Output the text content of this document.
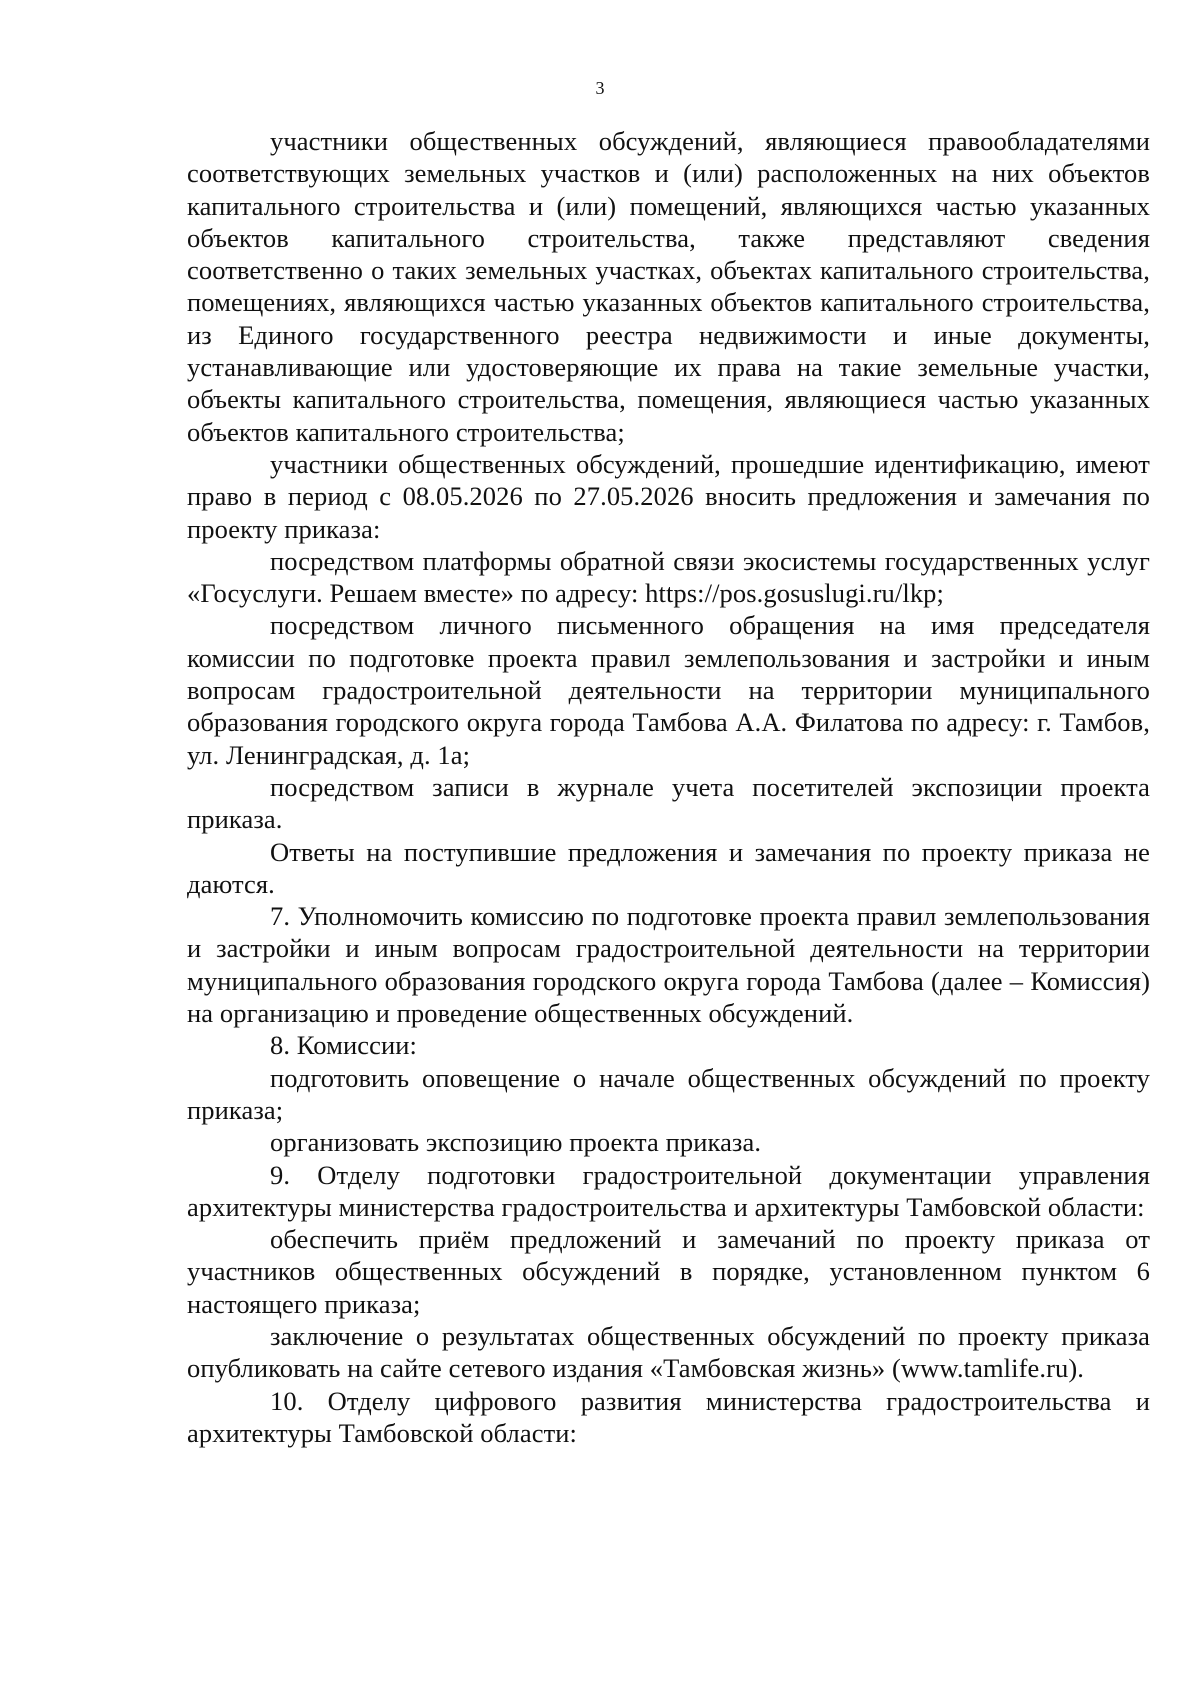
3

участники общественных обсуждений, являющиеся правообладателями соответствующих земельных участков и (или) расположенных на них объектов капитального строительства и (или) помещений, являющихся частью указанных объектов капитального строительства, также представляют сведения соответственно о таких земельных участках, объектах капитального строительства, помещениях, являющихся частью указанных объектов капитального строительства, из Единого государственного реестра недвижимости и иные документы, устанавливающие или удостоверяющие их права на такие земельные участки, объекты капитального строительства, помещения, являющиеся частью указанных объектов капитального строительства;

участники общественных обсуждений, прошедшие идентификацию, имеют право в период с 08.05.2026 по 27.05.2026 вносить предложения и замечания по проекту приказа:

посредством платформы обратной связи экосистемы государственных услуг «Госуслуги. Решаем вместе» по адресу: https://pos.gosuslugi.ru/lkp;

посредством личного письменного обращения на имя председателя комиссии по подготовке проекта правил землепользования и застройки и иным вопросам градостроительной деятельности на территории муниципального образования городского округа города Тамбова А.А. Филатова по адресу: г. Тамбов, ул. Ленинградская, д. 1а;

посредством записи в журнале учета посетителей экспозиции проекта приказа.

Ответы на поступившие предложения и замечания по проекту приказа не даются.

7. Уполномочить комиссию по подготовке проекта правил землепользования и застройки и иным вопросам градостроительной деятельности на территории муниципального образования городского округа города Тамбова (далее – Комиссия) на организацию и проведение общественных обсуждений.

8. Комиссии:

подготовить оповещение о начале общественных обсуждений по проекту приказа;

организовать экспозицию проекта приказа.

9. Отделу подготовки градостроительной документации управления архитектуры министерства градостроительства и архитектуры Тамбовской области:

обеспечить приём предложений и замечаний по проекту приказа от участников общественных обсуждений в порядке, установленном пунктом 6 настоящего приказа;

заключение о результатах общественных обсуждений по проекту приказа опубликовать на сайте сетевого издания «Тамбовская жизнь» (www.tamlife.ru).

10. Отделу цифрового развития министерства градостроительства и архитектуры Тамбовской области:
